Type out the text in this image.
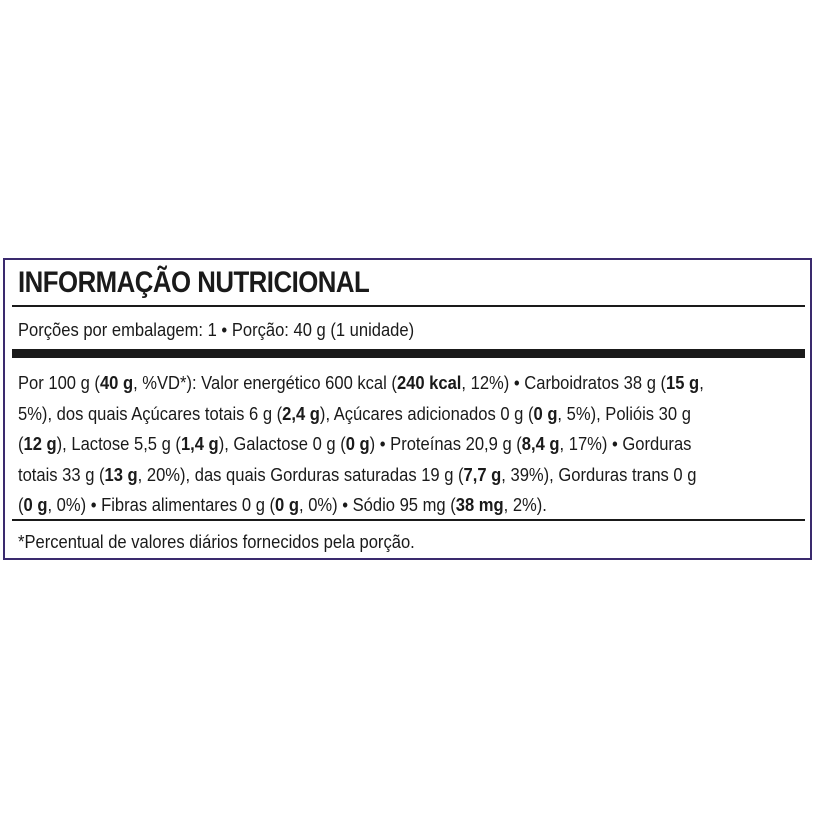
INFORMAÇÃO NUTRICIONAL
Porções por embalagem: 1 • Porção: 40 g (1 unidade)
Por 100 g (40 g, %VD*): Valor energético 600 kcal (240 kcal, 12%) • Carboidratos 38 g (15 g,
5%), dos quais Açúcares totais 6 g (2,4 g), Açúcares adicionados 0 g (0 g, 5%), Polióis 30 g
(12 g), Lactose 5,5 g (1,4 g), Galactose 0 g (0 g) • Proteínas 20,9 g (8,4 g, 17%) • Gorduras
totais 33 g (13 g, 20%), das quais Gorduras saturadas 19 g (7,7 g, 39%), Gorduras trans 0 g
(0 g, 0%) • Fibras alimentares 0 g (0 g, 0%) • Sódio 95 mg (38 mg, 2%).
*Percentual de valores diários fornecidos pela porção.
